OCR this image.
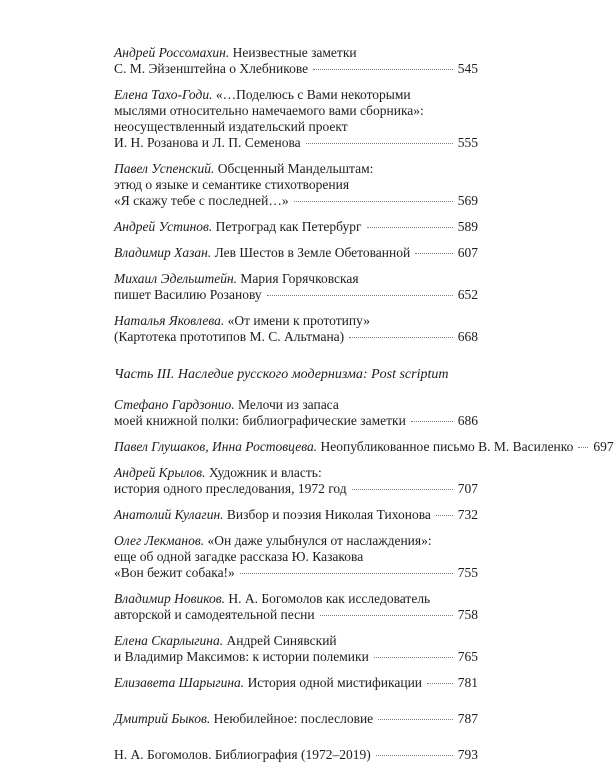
Андрей Россомахин. Неизвестные заметки
С. М. Эйзенштейна о Хлебникове	545
Елена Тахо-Годи. «…Поделюсь с Вами некоторыми
мыслями относительно намечаемого вами сборника»:
неосуществленный издательский проект
И. Н. Розанова и Л. П. Семенова	555
Павел Успенский. Обсценный Мандельштам:
этюд о языке и семантике стихотворения
«Я скажу тебе с последней…»	569
Андрей Устинов. Петроград как Петербург	589
Владимир Хазан. Лев Шестов в Земле Обетованной	607
Михаил Эдельштейн. Мария Горячковская
пишет Василию Розанову	652
Наталья Яковлева. «От имени к прототипу»
(Картотека прототипов М. С. Альтмана)	668
Часть III. Наследие русского модернизма: Post scriptum
Стефано Гардзонио. Мелочи из запаса
моей книжной полки: библиографические заметки	686
Павел Глушаков, Инна Ростовцева. Неопубликованное письмо В. М. Василенко 697
Андрей Крылов. Художник и власть:
история одного преследования, 1972 год	707
Анатолий Кулагин. Визбор и поэзия Николая Тихонова 732
Олег Лекманов. «Он даже улыбнулся от наслаждения»:
еще об одной загадке рассказа Ю. Казакова
«Вон бежит собака!»	755
Владимир Новиков. Н. А. Богомолов как исследователь
авторской и самодеятельной песни	758
Елена Скарлыгина. Андрей Синявский
и Владимир Максимов: к истории полемики	765
Елизавета Шарыгина. История одной мистификации	781
Дмитрий Быков. Неюбилейное: послесловие	787
Н. А. Богомолов. Библиография (1972–2019)	793
